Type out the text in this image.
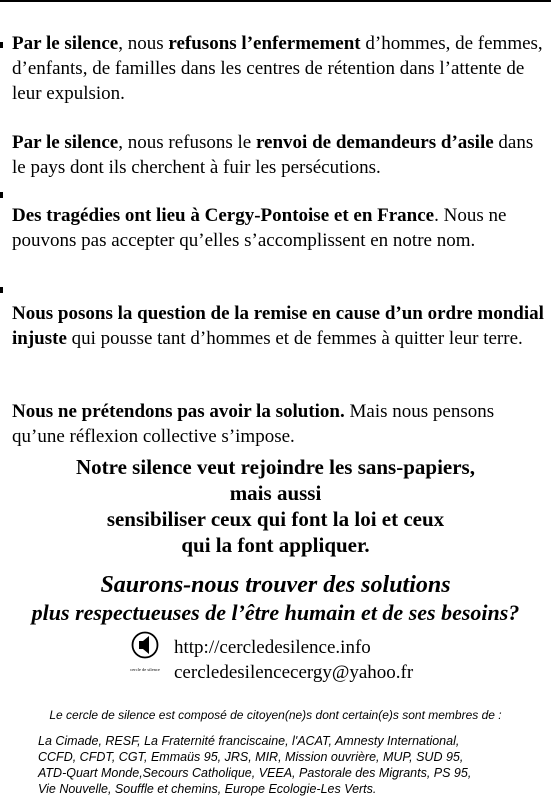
Par le silence, nous refusons l’enfermement d’hommes, de femmes, d’enfants, de familles dans les centres de rétention dans l’attente de leur expulsion.

Par le silence, nous refusons le renvoi de demandeurs d’asile dans le pays dont ils cherchent à fuir les persécutions.

Des tragédies ont lieu à Cergy-Pontoise et en France. Nous ne pouvons pas accepter qu’elles s’accomplissent en notre nom.

Nous posons la question de la remise en cause d’un ordre mondial injuste qui pousse tant d’hommes et de femmes à quitter leur terre.

Nous ne prétendons pas avoir la solution. Mais nous pensons qu’une réflexion collective s’impose.

Notre silence veut rejoindre les sans-papiers,
mais aussi
sensibiliser ceux qui font la loi et ceux
qui la font appliquer.
Saurons-nous trouver des solutions
plus respectueuses de l’être humain et de ses besoins?
cercle de silence
http://cercledesilence.info
cercledesilencecergy@yahoo.fr
Le cercle de silence est composé de citoyen(ne)s dont certain(e)s sont membres de :
La Cimade, RESF, La Fraternité franciscaine, l'ACAT, Amnesty International,
CCFD, CFDT, CGT, Emmaüs 95, JRS, MIR, Mission ouvrière, MUP, SUD 95,
ATD-Quart Monde,Secours Catholique, VEEA, Pastorale des Migrants, PS 95,
Vie Nouvelle, Souffle et chemins, Europe Ecologie-Les Verts.
